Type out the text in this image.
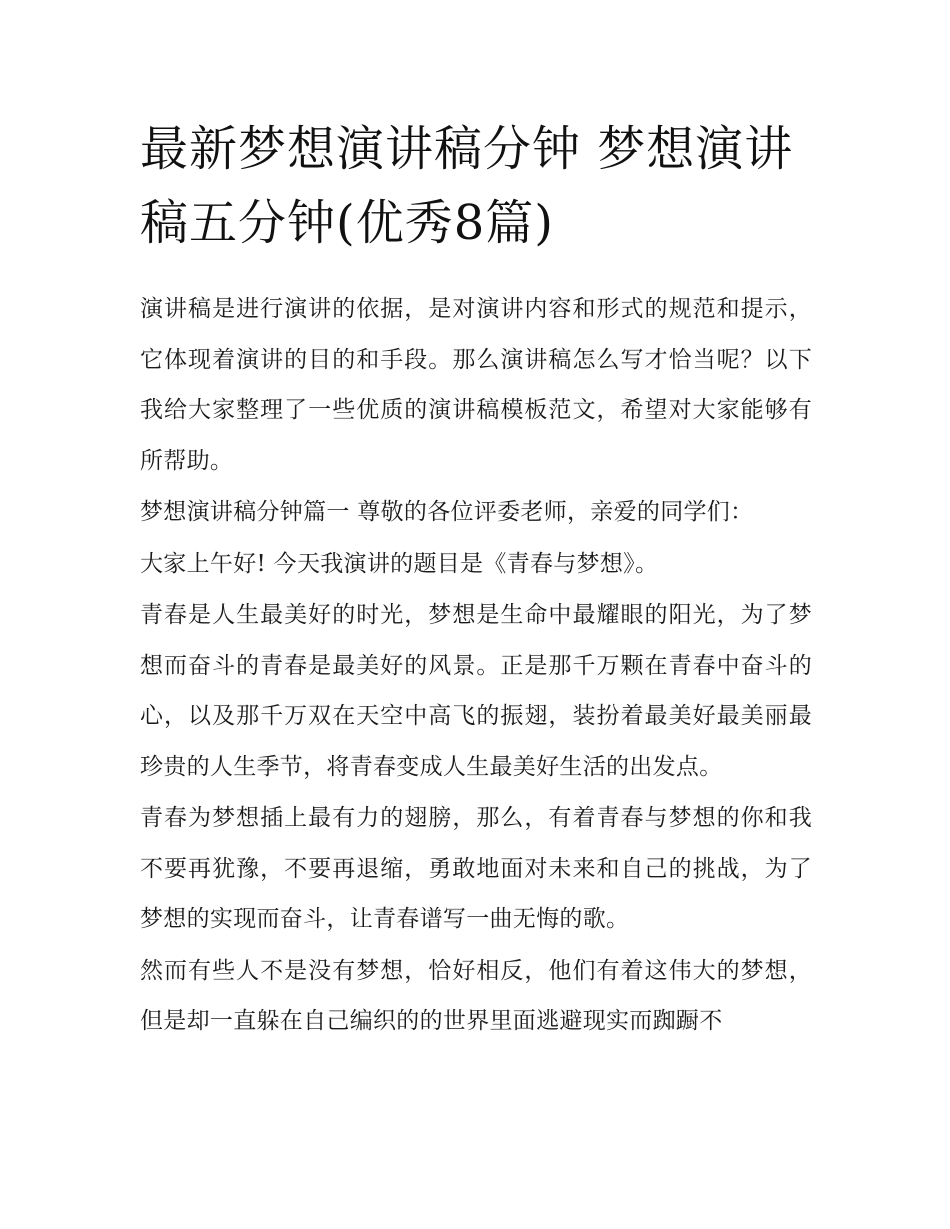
最新梦想演讲稿分钟 梦想演讲稿五分钟(优秀8篇)

演讲稿是进行演讲的依据，是对演讲内容和形式的规范和提示，它体现着演讲的目的和手段。那么演讲稿怎么写才恰当呢？以下我给大家整理了一些优质的演讲稿模板范文，希望对大家能够有所帮助。

梦想演讲稿分钟篇一 尊敬的各位评委老师，亲爱的同学们：

大家上午好! 今天我演讲的题目是《青春与梦想》。

青春是人生最美好的时光，梦想是生命中最耀眼的阳光，为了梦想而奋斗的青春是最美好的风景。正是那千万颗在青春中奋斗的心，以及那千万双在天空中高飞的振翅，装扮着最美好最美丽最珍贵的人生季节，将青春变成人生最美好生活的出发点。

青春为梦想插上最有力的翅膀，那么，有着青春与梦想的你和我不要再犹豫，不要再退缩，勇敢地面对未来和自己的挑战，为了梦想的实现而奋斗，让青春谱写一曲无悔的歌。

然而有些人不是没有梦想，恰好相反，他们有着这伟大的梦想，但是却一直躲在自己编织的的世界里面逃避现实而踟蹰不
